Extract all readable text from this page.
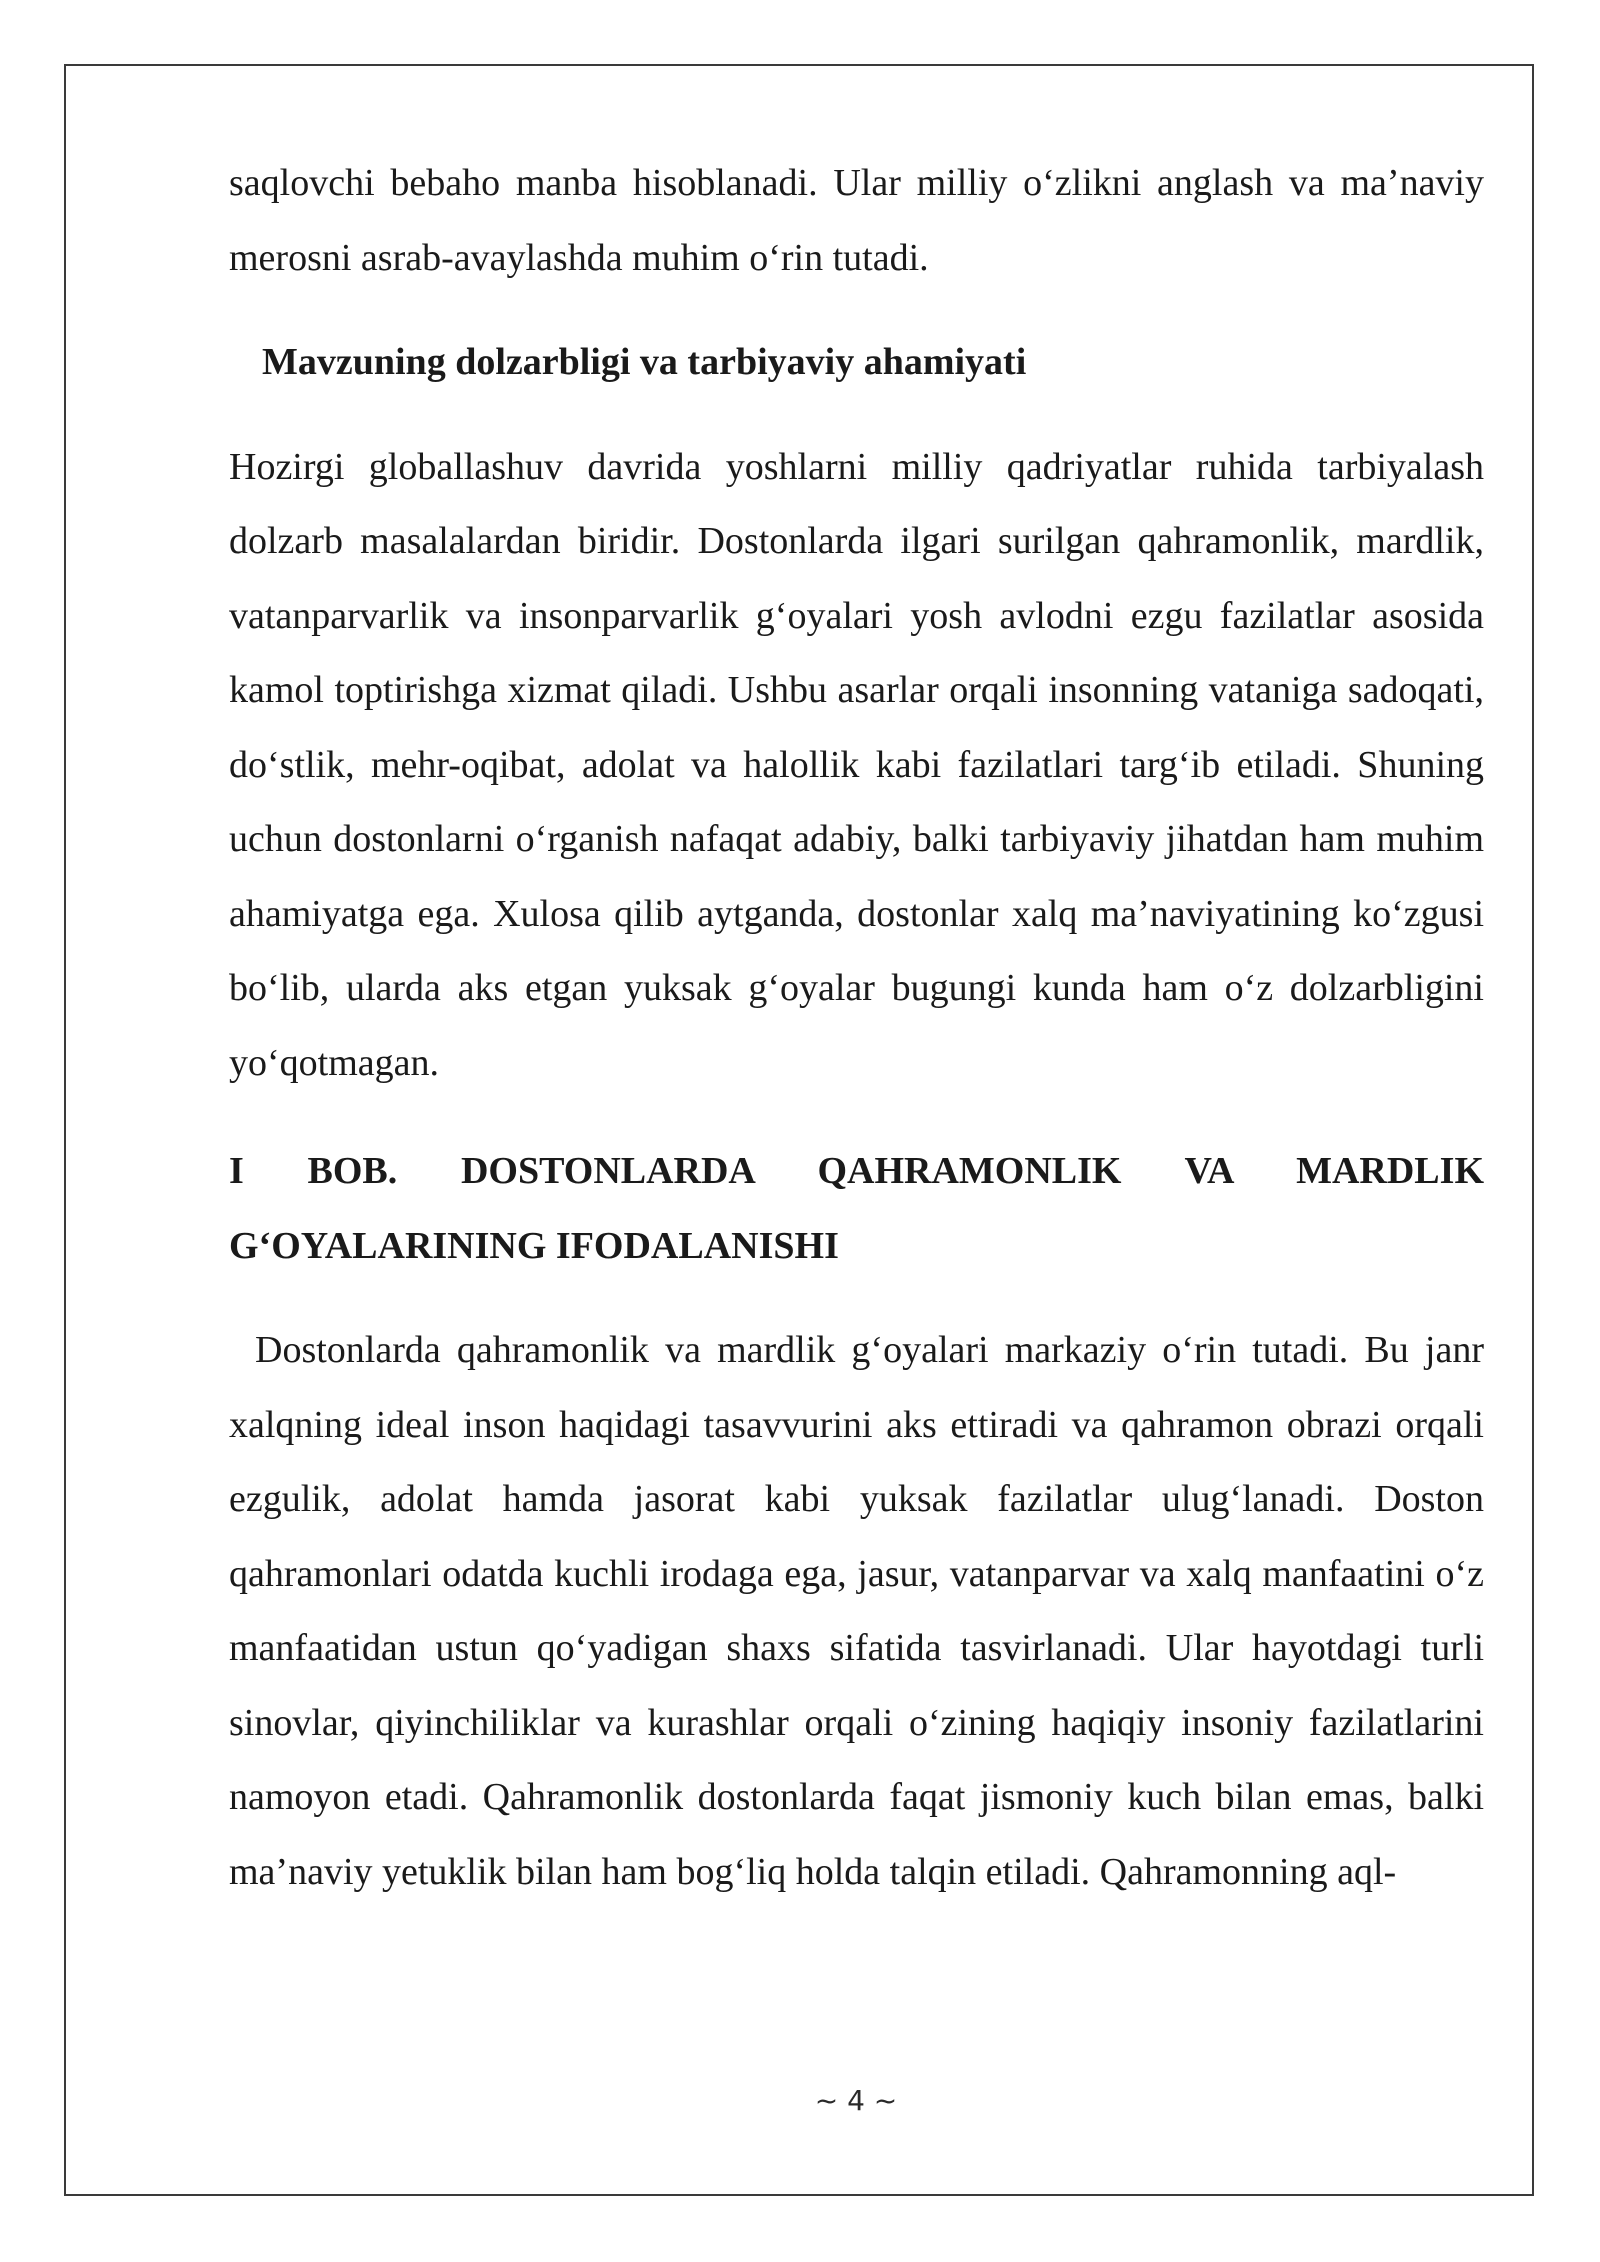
saqlovchi bebaho manba hisoblanadi. Ular milliy o‘zlikni anglash va ma’naviy merosni asrab-avaylashda muhim o‘rin tutadi.

Mavzuning dolzarbligi va tarbiyaviy ahamiyati

Hozirgi globallashuv davrida yoshlarni milliy qadriyatlar ruhida tarbiyalash dolzarb masalalardan biridir. Dostonlarda ilgari surilgan qahramonlik, mardlik, vatanparvarlik va insonparvarlik g‘oyalari yosh avlodni ezgu fazilatlar asosida kamol toptirishga xizmat qiladi. Ushbu asarlar orqali insonning vataniga sadoqati, do‘stlik, mehr-oqibat, adolat va halollik kabi fazilatlari targ‘ib etiladi. Shuning uchun dostonlarni o‘rganish nafaqat adabiy, balki tarbiyaviy jihatdan ham muhim ahamiyatga ega. Xulosa qilib aytganda, dostonlar xalq ma’naviyatining ko‘zgusi bo‘lib, ularda aks etgan yuksak g‘oyalar bugungi kunda ham o‘z dolzarbligini yo‘qotmagan.

I BOB. DOSTONLARDA QAHRAMONLIK VA MARDLIK G‘OYALARINING IFODALANISHI

Dostonlarda qahramonlik va mardlik g‘oyalari markaziy o‘rin tutadi. Bu janr xalqning ideal inson haqidagi tasavvurini aks ettiradi va qahramon obrazi orqali ezgulik, adolat hamda jasorat kabi yuksak fazilatlar ulug‘lanadi. Doston qahramonlari odatda kuchli irodaga ega, jasur, vatanparvar va xalq manfaatini o‘z manfaatidan ustun qo‘yadigan shaxs sifatida tasvirlanadi. Ular hayotdagi turli sinovlar, qiyinchiliklar va kurashlar orqali o‘zining haqiqiy insoniy fazilatlarini namoyon etadi. Qahramonlik dostonlarda faqat jismoniy kuch bilan emas, balki ma’naviy yetuklik bilan ham bog‘liq holda talqin etiladi. Qahramonning aql-

~ 4 ~
